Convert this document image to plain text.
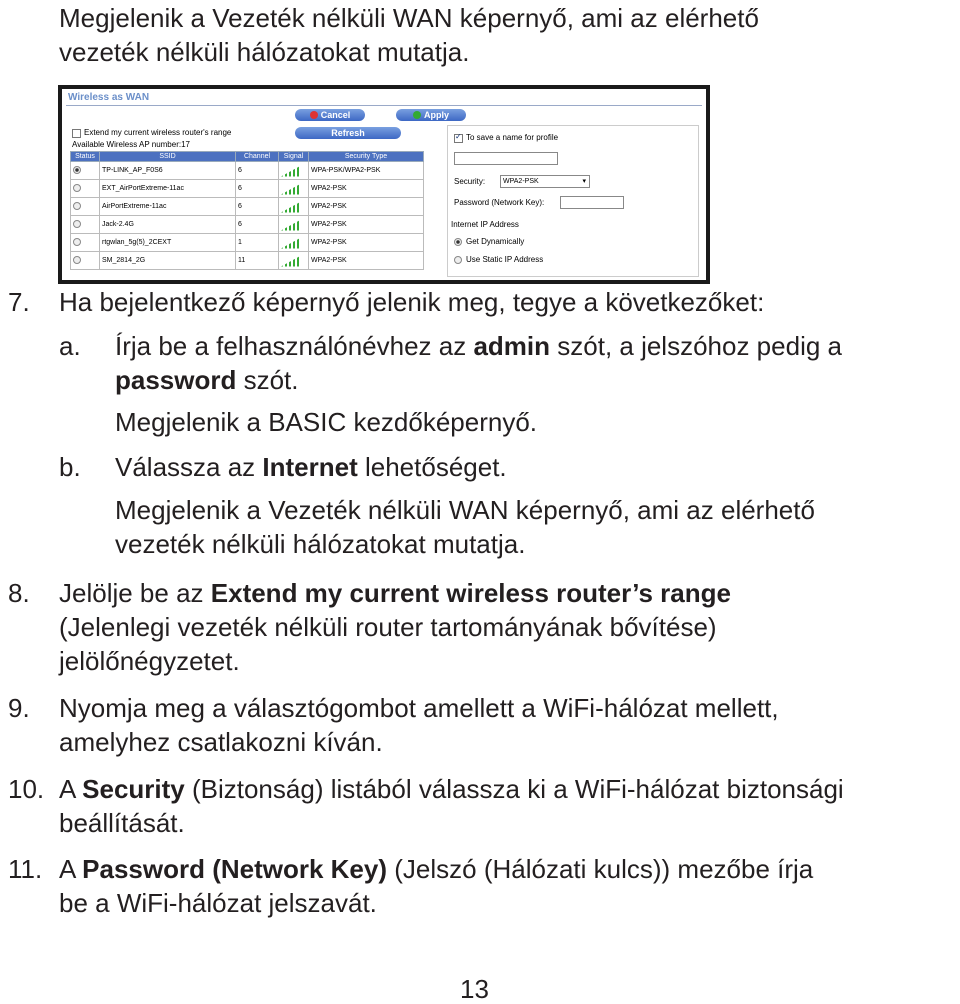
Megjelenik a Vezeték nélküli WAN képernyő, ami az elérhető
vezeték nélküli hálózatokat mutatja.
Wireless as WAN
Cancel	Apply
Refresh
Extend my current wireless router's range
Available Wireless AP number:17
Status	SSID	Channel	Signal	Security Type
	TP-LINK_AP_F0S6	6		WPA-PSK/WPA2-PSK
	EXT_AirPortExtreme-11ac	6		WPA2-PSK
	AirPortExtreme-11ac	6		WPA2-PSK
	Jack-2.4G	6		WPA2-PSK
	rtgwlan_5g(5)_2CEXT	1		WPA2-PSK
	SM_2814_2G	11		WPA2-PSK
✓
To save a name for profile
Security:	WPA2-PSK	▾
Password (Network Key):
Internet IP Address
Get Dynamically
Use Static IP Address
7. Ha bejelentkező képernyő jelenik meg, tegye a következőket:
a. Írja be a felhasználónévhez az admin szót, a jelszóhoz pedig a
password szót.
Megjelenik a BASIC kezdőképernyő.
b. Válassza az Internet lehetőséget.
Megjelenik a Vezeték nélküli WAN képernyő, ami az elérhető
vezeték nélküli hálózatokat mutatja.
8. Jelölje be az Extend my current wireless router’s range
(Jelenlegi vezeték nélküli router tartományának bővítése)
jelölőnégyzetet.
9. Nyomja meg a választógombot amellett a WiFi-hálózat mellett,
amelyhez csatlakozni kíván.
10. A Security (Biztonság) listából válassza ki a WiFi-hálózat biztonsági
beállítását.
11. A Password (Network Key) (Jelszó (Hálózati kulcs)) mezőbe írja
be a WiFi-hálózat jelszavát.
13
